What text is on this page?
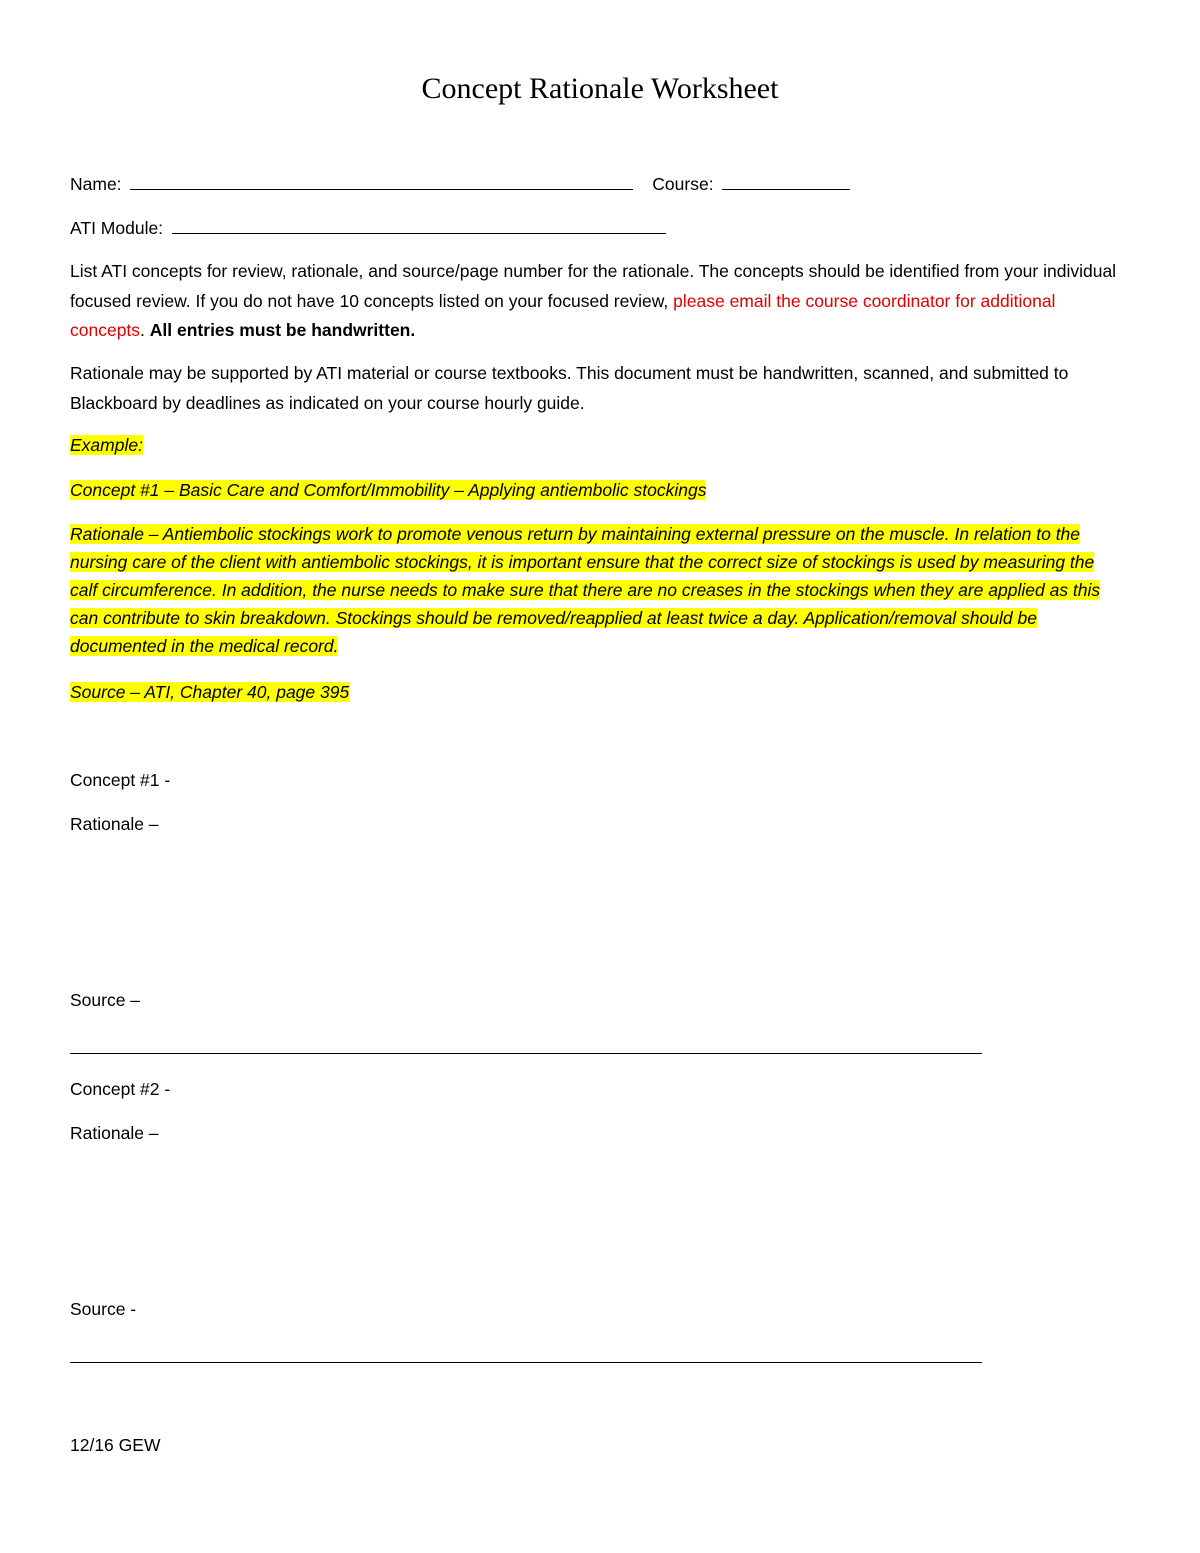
Concept Rationale Worksheet
Name:	Course:
ATI Module:
List ATI concepts for review, rationale, and source/page number for the rationale. The concepts should be identified from your individual focused review. If you do not have 10 concepts listed on your focused review, please email the course coordinator for additional concepts. All entries must be handwritten.
Rationale may be supported by ATI material or course textbooks. This document must be handwritten, scanned, and submitted to Blackboard by deadlines as indicated on your course hourly guide.
Example:
Concept #1 – Basic Care and Comfort/Immobility – Applying antiembolic stockings
Rationale – Antiembolic stockings work to promote venous return by maintaining external pressure on the muscle. In relation to the nursing care of the client with antiembolic stockings, it is important ensure that the correct size of stockings is used by measuring the calf circumference. In addition, the nurse needs to make sure that there are no creases in the stockings when they are applied as this can contribute to skin breakdown. Stockings should be removed/reapplied at least twice a day. Application/removal should be documented in the medical record.
Source – ATI, Chapter 40, page 395
Concept #1 -
Rationale –
Source –
Concept #2 -
Rationale –
Source -
12/16 GEW
